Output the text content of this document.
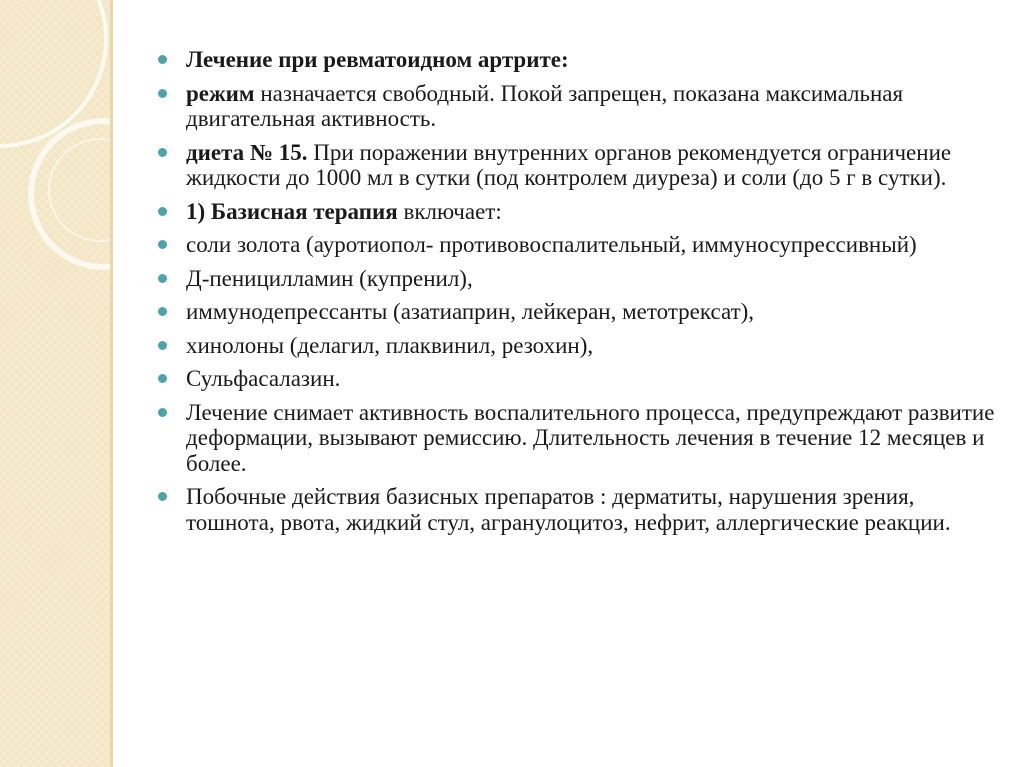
Лечение при ревматоидном артрите:
режим назначается свободный. Покой запрещен, показана максимальная двигательная активность.
диета № 15. При поражении внутренних органов рекомендуется ограничение жидкости до 1000 мл в сутки (под контролем диуреза) и соли (до 5 г в сутки).
1) Базисная терапия включает:
соли золота (ауротиопол- противовоспалительный, иммуносупрессивный)
Д-пеницилламин (купренил),
иммунодепрессанты (азатиаприн, лейкеран, метотрексат),
хинолоны (делагил, плаквинил, резохин),
Сульфасалазин.
Лечение снимает активность воспалительного процесса, предупреждают развитие деформации, вызывают ремиссию. Длительность лечения в течение 12 месяцев и более.
Побочные действия базисных препаратов : дерматиты, нарушения зрения, тошнота, рвота, жидкий стул, агранулоцитоз, нефрит, аллергические реакции.
